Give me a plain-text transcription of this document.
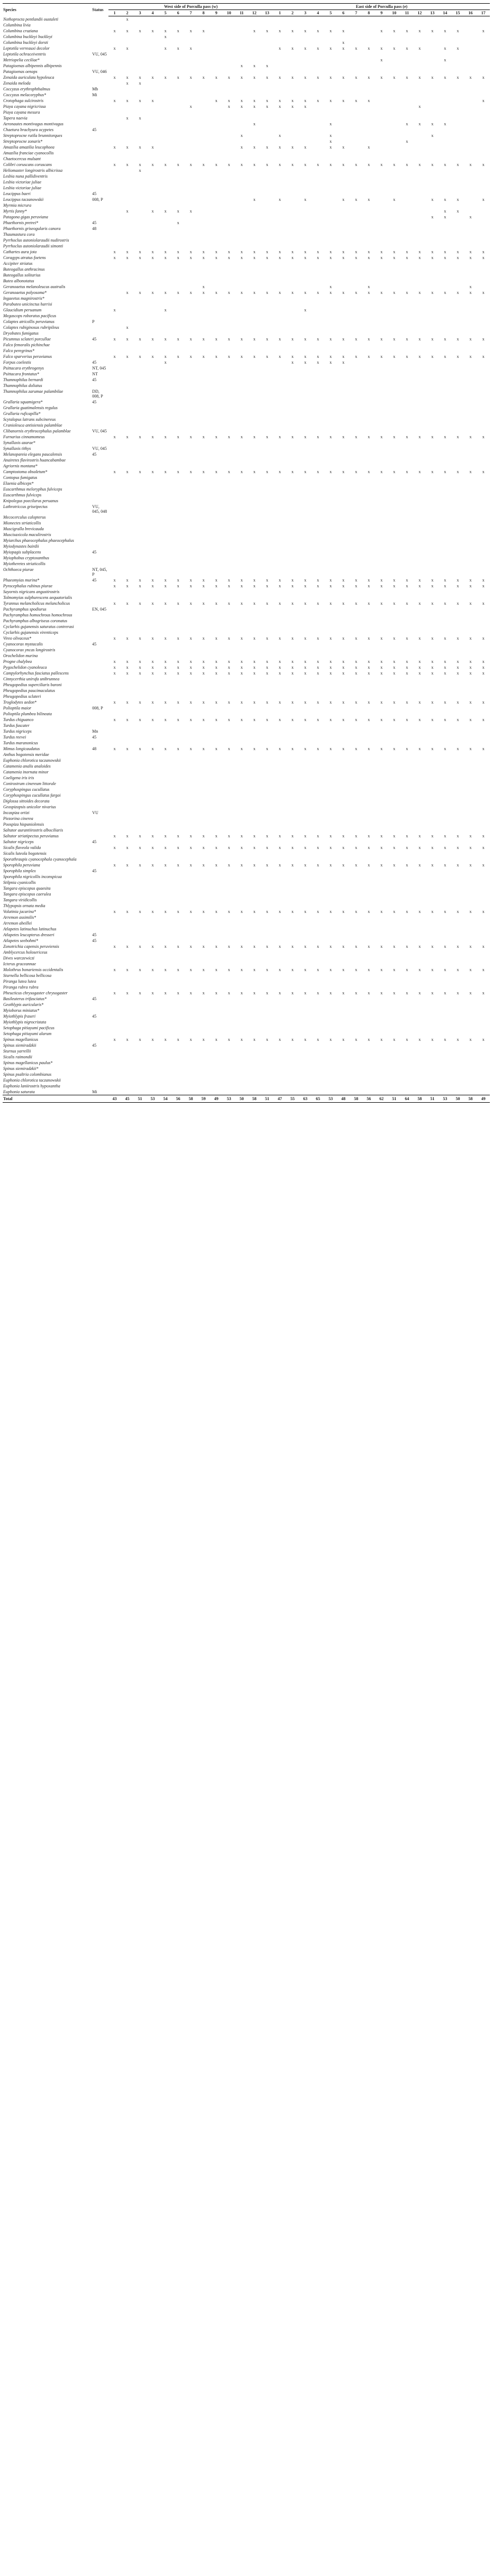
Species	Status	West side of Porculla pass (w)													East side of Porculla pass (e)																
		1	2	3	4	5	6	7	8	9	10	11	12	13	1	2	3	4	5	6	7	8	9	10	11	12	13	14	15	16	17
Nothoprocta pentlandii oustaleti			x																												
Columbina livia																															
Columbina cruziana		x	x	x	x	x	x	x	x				x	x	x	x	x	x	x	x			x	x	x	x	x	x	x		x
Columbina buckleyi buckleyi						x																									
Columbina buckleyi dorsti																				x											
Leptotila verreauxi decolor		x	x			x	x	x							x	x	x	x	x	x	x	x	x	x	x	x		x	x		
Leptotila ochraceiventris	VU, 045																														
Metriopelia ceciliae*																							x					x			
Patagioenas albipennis albipennis												x	x	x																	
Patagioenas oenops	VU, 046																														
Zenaida auriculata hypoleuca		x	x	x	x	x	x	x	x	x	x	x	x	x	x	x	x	x	x	x	x	x	x	x	x	x	x	x	x	x	x
Zenaida meloda			x	x																											
Coccyzus erythrophthalmus	Mb																														
Coccyzus melacoryphus*	Mi																														
Crotophaga sulcirostris		x	x	x	x					x	x	x	x	x	x	x	x	x	x	x	x	x									x
Piaya cayana nigricrissa								x			x	x	x	x	x	x	x									x					
Piaya cayana mesura																															
Tapera naevia			x	x																											
Aeronautes montivagus montivagus													x						x						x	x	x	x			
Chaetura brachyura ocypetes	45																														
Streptoprocne rutila brunnitorques												x			x				x								x				
Streptoprocne zonaris*																			x						x						
Amazilia amazilia leucophoea		x	x	x	x							x	x	x	x	x	x		x	x		x									
Amazilia franciae cyanocollis																															
Chaetocercus mulsant																															
Colibri coruscans coruscans		x	x	x	x	x	x	x	x	x	x	x	x	x	x	x	x	x	x	x	x	x	x	x	x	x	x	x	x	x	x
Heliomaster longirostris albicrissa				x																											
Lesbia nuna pallidiventris																															
Lesbia victoriae juliae																															
Lesbia victoriae juliae																															
Leucippus baeri	45																														
Leucippus taczanowskii	008, P												x		x		x			x	x	x		x			x	x	x		x
Myrmia micrura																															
Myrtis fanny*			x		x	x	x	x																				x	x		
Patagona gigas peruviana																											x	x		x	
Phaethornis pretrei*	45						x																								
Phaethornis griseogularis canora	48																														
Thaumastura cora																															
Pyrrhoclus autoniolaraudii nudirostris																															
Pyrrhoclus autoniolaraudii simonti																															
Cathartes aura jota		x	x	x	x	x	x	x	x	x	x	x	x	x	x	x	x	x	x	x	x	x	x	x	x	x	x	x	x	x	x
Coragyps atratus foetens		x	x	x	x	x	x	x	x	x	x	x	x	x	x	x	x	x	x	x	x	x	x	x	x	x	x	x	x	x	x
Accipiter striatus																															
Buteogallus anthracinus																															
Buteogallus solitarius																															
Buteo albonotatus																															
Geranoaetus melanoleucus australis									x										x			x								x	
Geranoaetus polyosoma*			x	x	x	x	x	x	x	x	x	x	x	x	x	x	x	x	x	x	x	x	x	x	x	x	x	x	x	x	x
Ingaeetus magnirostris*																															
Parabuteo unicinctus harrisi																															
Glaucidium peruanum		x				x											x														
Megascops roboratus pacificus																															
Colaptes atricollis peruvianus	P																														
Colaptes rubiginosus rubripileus			x																												
Dryobates fumigatus																															
Picumnus sclateri porcullae	45	x	x	x	x	x	x	x	x	x	x	x	x	x	x	x	x	x	x	x	x	x	x	x	x	x	x	x	x	x	x
Falco femoralis pichinchae																															
Falco peregrinus*																															
Falco sparverius peruvianus		x	x	x	x	x	x	x	x	x	x	x	x	x	x	x	x	x	x	x	x	x	x	x	x	x	x	x	x	x	x
Forpus coelestis	45					x										x	x	x	x	x											
Psittacara erythrogenys	NT, 045																														
Psittacara frontatus*	NT																														
Thamnophilus bernardi	45																														
Thamnophilus doliatus																															
Thamnophilus zarumae palambilae	DD, 008, P																														
Grallaria squamigera*	45																														
Grallaria guatimalensis regulus																															
Grallaria ruficapilla*																															
Scytalopus latrans subcinereus																															
Cranioleuca antisiensis palamblae																															
Clibanornis erythrocephalus palamblae	VU, 045																														
Furnarius cinnamomeus		x	x	x	x	x	x	x	x	x	x	x	x	x	x	x	x	x	x	x	x	x	x	x	x	x	x	x	x	x	x
Synallaxis azarae*																															
Synallaxis tithys	VU, 045																														
Melanopareia elegans paucalensis	45																														
Anairetes flavirostris huancabambae																															
Agriornis montana*																															
Camptostoma obsoletum*		x	x	x	x	x	x	x	x	x	x	x	x	x	x	x	x	x	x	x	x	x	x	x	x	x	x	x	x	x	x
Contopus fumigatus																															
Elaenia albiceps*																															
Euscarthmus meloryphus fulviceps																															
Euscarthmus fulviceps																															
Knipolegus poecilurus peruanus																															
Lathrotriccus griseipectus	VU, 045, 048																														
Mecocerculus calopterus																															
Mionectes striaticollis																															
Muscigralla brevicauda																															
Muscisaxicola maculirostris																															
Myiarchus phaeocephalus phaeocephalus																															
Myiodynastes bairdii																															
Myiopagis subplacens	45																														
Myiophobus cryptoxanthus																															
Myiotheretes striaticollis																															
Ochthoeca piurae	NT, 045, P																														
Phaeomyias murina*	45	x	x	x	x	x	x	x	x	x	x	x	x	x	x	x	x	x	x	x	x	x	x	x	x	x	x	x	x	x	x
Pyrocephalus rubinus piurae		x	x	x	x	x	x	x	x	x	x	x	x	x	x	x	x	x	x	x	x	x	x	x	x	x	x	x	x	x	x
Sayornis nigricans angustirostris																															
Tolmomyias sulphurescens aequatorialis																															
Tyrannus melancholicus melancholicus		x	x	x	x	x	x	x	x	x	x	x	x	x	x	x	x	x	x	x	x	x	x	x	x	x	x	x	x	x	x
Pachyramphus spodiurus	EN, 045																														
Pachyramphus homochrous homochrous																															
Pachyramphus albogriseus coronatus																															
Cyclarhis gujanensis saturatus contrerasi																															
Cyclarhis gujanensis virenticeps																															
Vireo olivaceus*		x	x	x	x	x	x	x	x	x	x	x	x	x	x	x	x	x	x	x	x	x	x	x	x	x	x	x	x	x	x
Cyanocorax mystacalis	45																														
Cyanocorax yncas longirostris																															
Orochelidon murina																															
Progne chalybea		x	x	x	x	x	x	x	x	x	x	x	x	x	x	x	x	x	x	x	x	x	x	x	x	x	x	x	x	x	x
Pygochelidon cyanoleuca		x	x	x	x	x	x	x	x	x	x	x	x	x	x	x	x	x	x	x	x	x	x	x	x	x	x	x	x	x	x
Campylorhynchus fasciatus pallescens		x	x	x	x	x	x	x	x	x	x	x	x	x	x	x	x	x	x	x	x	x	x	x	x	x	x	x	x	x	x
Cinnycerthia unirufa unibrunnea																															
Pheugopedius superciliaris baroni																															
Pheugopedius paucimaculatus																															
Pheugopedius sclateri																															
Troglodytes aedon*		x	x	x	x	x	x	x	x	x	x	x	x	x	x	x	x	x	x	x	x	x	x	x	x	x	x	x	x	x	x
Polioptila maior	008, P																														
Polioptila plumbea bilineata																															
Turdus chiguanco		x	x	x	x	x	x	x	x	x	x	x	x	x	x	x	x	x	x	x	x	x	x	x	x	x	x	x	x	x	x
Turdus fuscater																															
Turdus nigriceps	Mn																														
Turdus reevei	45																														
Turdus maranonicus																															
Mimus longicaudatus	48	x	x	x	x	x	x	x	x	x	x	x	x	x	x	x	x	x	x	x	x	x	x	x	x	x	x	x	x	x	x
Anthus bogotensis meridae																															
Euphonia chlorotica taczanowskii																															
Catamenia analis analoides																															
Catamenia inornata minor																															
Coeligena iris iris																															
Conirostrum cinereum littorale																															
Coryphospingus cucullatus																															
Coryphospingus cucullatus fargoi																															
Diglossa sittoides decorata																															
Geospizopsis unicolor nivarius																															
Incaspiza ortizi	VU																														
Piezorina cinerea																															
Poospiza hispaniolensis																															
Saltator aurantiirostris albociliaris																															
Saltator striatipectus peruvianus		x	x	x	x	x	x	x	x	x	x	x	x	x	x	x	x	x	x	x	x	x	x	x	x	x	x	x	x	x	x
Saltator nigriceps	45																														
Sicalis flaveola valida		x	x	x	x	x	x	x	x	x	x	x	x	x	x	x	x	x	x	x	x	x	x	x	x	x	x	x	x	x	x
Sicalis luteola bogotensis																															
Sporathraupis cyanocephala cyanocephala																															
Sporophila peruviana		x	x	x	x	x	x	x	x	x	x	x	x	x	x	x	x	x	x	x	x	x	x	x	x	x	x	x	x	x	x
Sporophila simplex	45																														
Sporophila nigricollis inconspicua																															
Stilpnia cyanicollis																															
Tangara episcopus quaesita																															
Tangara episcopus caerulea																															
Tangara viridicollis																															
Thlypopsis ornata media																															
Volatinia jacarina*		x	x	x	x	x	x	x	x	x	x	x	x	x	x	x	x	x	x	x	x	x	x	x	x	x	x	x	x	x	x
Arremon assimilis*																															
Arremon abeillei																															
Atlapetes latinuchus latinuchus																															
Atlapetes leucopterus dresseri	45																														
Atlapetes seebohmi*	45																														
Zonotrichia capensis peruviensis		x	x	x	x	x	x	x	x	x	x	x	x	x	x	x	x	x	x	x	x	x	x	x	x	x	x	x	x	x	x
Amblycercus holosericeus																															
Dives warczewiczi																															
Icterus graceannae																															
Molothrus bonariensis occidentalis		x	x	x	x	x	x	x	x	x	x	x	x	x	x	x	x	x	x	x	x	x	x	x	x	x	x	x	x	x	x
Sturnella bellicosa bellicosa																															
Piranga lutea lutea																															
Piranga rubra rubra																															
Pheucticus chrysogaster chrysogaster		x	x	x	x	x	x	x	x	x	x	x	x	x	x	x	x	x	x	x	x	x	x	x	x	x	x	x	x	x	x
Basileuterus trifasciatus*	45																														
Geothlypis auricularis*																															
Myioborus miniatus*																															
Myiothlypis fraseri	45																														
Myiothlypis nigrocristata																															
Setophaga pitiayumi pacificus																															
Setophaga pitiayumi alarum																															
Spinus magellanicus		x	x	x	x	x	x	x	x	x	x	x	x	x	x	x	x	x	x	x	x	x	x	x	x	x	x	x	x	x	x
Spinus siemiradzkii	45																														
Sturnus yarrellii																															
Sicalis raimondii																															
Spinus magellanicus paulus*																															
Spinus siemiradzkii*																															
Spinus psaltria colombianus																															
Euphonia chlorotica taczanowskii																															
Euphonia laniirostris hypoxantha																															
Euphonia saturata	Mi																														
Total		43	45	51	53	54	56	58	59	49	53	50	58	51	47	55	63	65	53	48	58	56	62	51	64	58	51	53	50	58	49
